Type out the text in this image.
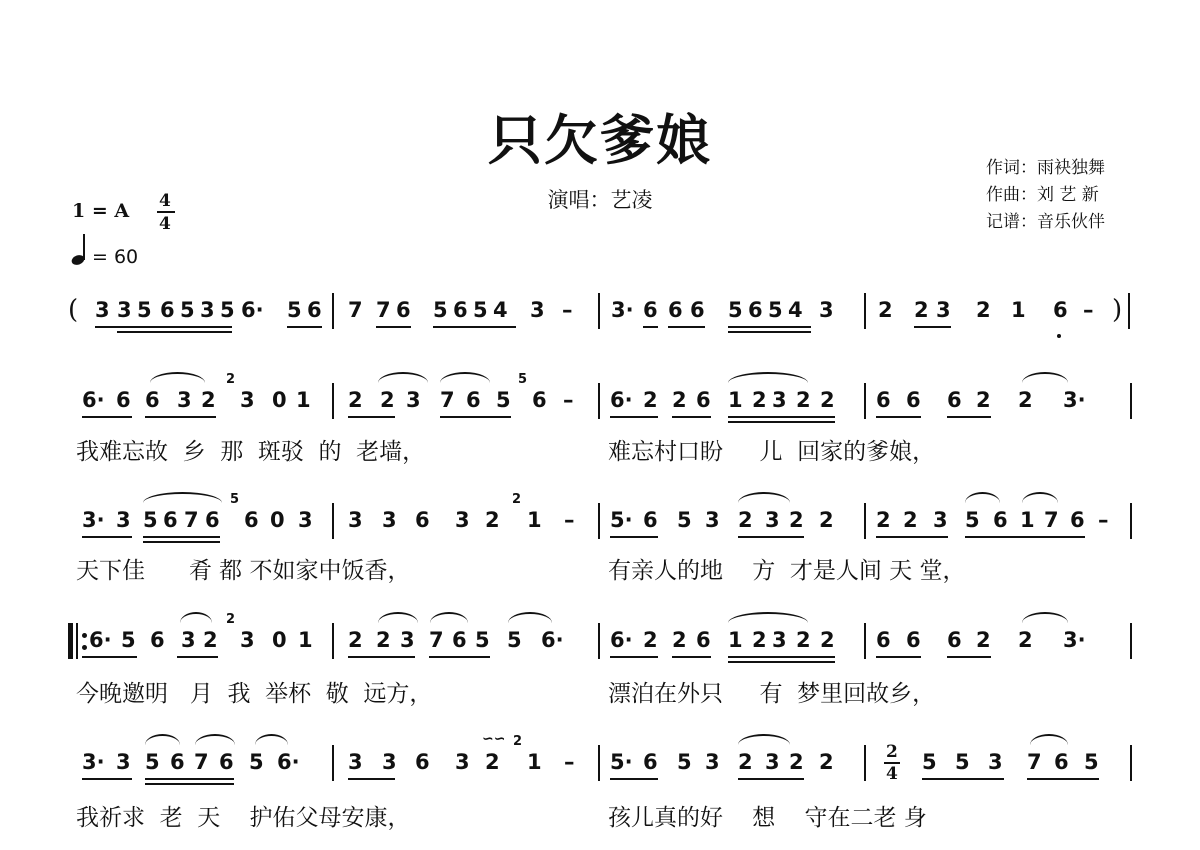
只欠爹娘
演唱：艺凌
作词：雨袂独舞
作曲：刘 艺 新
记谱：音乐伙伴
1 = A 4
4
= 60
( 3 3 5 6 5 3 5 6· 5 6 7 7 6 5 6 5 4 3 – 3· 6 6 6 5 6 5 4 3 2 2 3 2 1 6 – )
6· 6 6 3 2 3 0 1 2 2 3 7 6 5 6 – 6· 2 2 6 1 2 3 2 2 6 6 6 2 2 3·
3· 3 5 6 7 6 6 0 3 3 3 6 3 2 1 – 5· 6 5 3 2 3 2 2 2 2 3 5 6 1 7 6 –
6· 5 6 3 2 3 0 1 2 2 3 7 6 5 5 6· 6· 2 2 6 1 2 3 2 2 6 6 6 2 2 3·
3· 3 5 6 7 6 5 6· 3 3 6 3 2 1 – 5· 6 5 3 2 3 2 2	5 5 3 7 6 5
2	5
5	2
2
2
∽∽
我难忘故  乡  那  斑驳  的  老墙，	难忘村口盼     儿  回家的爹娘，
天下佳      肴 都 不如家中饭香，	有亲人的地    方  才是人间 天 堂，
今晚邀明   月  我  举杯  敬  远方，	漂泊在外只     有  梦里回故乡，
我祈求  老  天    护佑父母安康，	孩儿真的好    想    守在二老 身
2
4
